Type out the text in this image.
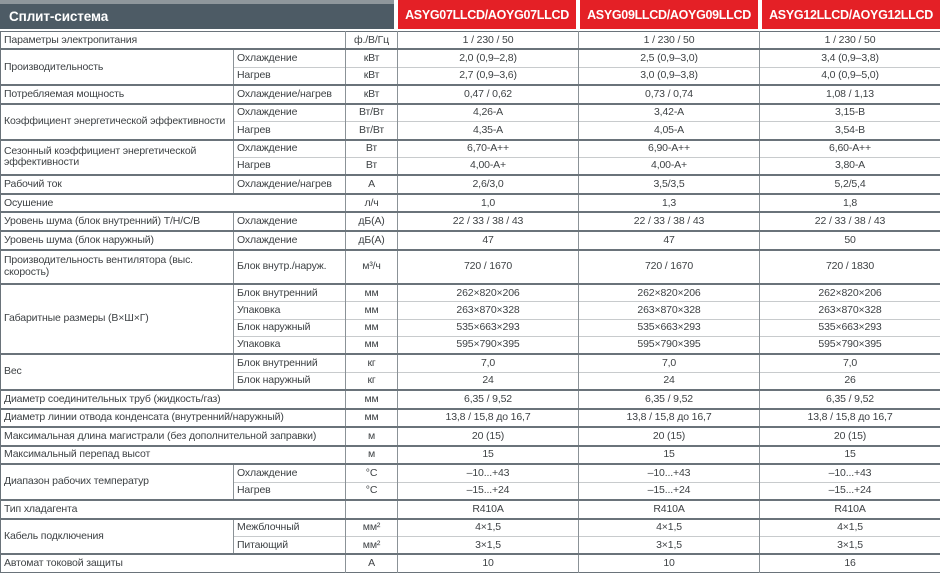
Сплит-система	ASYG07LLCD/AOYG07LLCD	ASYG09LLCD/AOYG09LLCD	ASYG12LLCD/AOYG12LLCD
Параметры электропитания		ф./В/Гц	1 / 230 / 50	1 / 230 / 50	1 / 230 / 50
Производительность	Охлаждение	кВт	2,0 (0,9–2,8)	2,5 (0,9–3,0)	3,4 (0,9–3,8)
	Нагрев	кВт	2,7 (0,9–3,6)	3,0 (0,9–3,8)	4,0 (0,9–5,0)
Потребляемая мощность	Охлаждение/нагрев	кВт	0,47 / 0,62	0,73 / 0,74	1,08 / 1,13
Коэффициент энергетической эффективности	Охлаждение	Вт/Вт	4,26-A	3,42-A	3,15-B
	Нагрев	Вт/Вт	4,35-A	4,05-A	3,54-B
Сезонный коэффициент энергетической эффективности	Охлаждение	Вт	6,70-A++	6,90-A++	6,60-A++
	Нагрев	Вт	4,00-A+	4,00-A+	3,80-A
Рабочий ток	Охлаждение/нагрев	А	2,6/3,0	3,5/3,5	5,2/5,4
Осушение		л/ч	1,0	1,3	1,8
Уровень шума (блок внутренний) Т/Н/С/В	Охлаждение	дБ(А)	22 / 33 / 38 / 43	22 / 33 / 38 / 43	22 / 33 / 38 / 43
Уровень шума (блок наружный)	Охлаждение	дБ(А)	47	47	50
Производительность вентилятора (выс. скорость)	Блок внутр./наруж.	м³/ч	720 / 1670	720 / 1670	720 / 1830
Габаритные размеры (В×Ш×Г)	Блок внутренний	мм	262×820×206	262×820×206	262×820×206
	Упаковка	мм	263×870×328	263×870×328	263×870×328
	Блок наружный	мм	535×663×293	535×663×293	535×663×293
	Упаковка	мм	595×790×395	595×790×395	595×790×395
Вес	Блок внутренний	кг	7,0	7,0	7,0
	Блок наружный	кг	24	24	26
Диаметр соединительных труб (жидкость/газ)		мм	6,35 / 9,52	6,35 / 9,52	6,35 / 9,52
Диаметр линии отвода конденсата (внутренний/наружный)		мм	13,8 / 15,8 до 16,7	13,8 / 15,8 до 16,7	13,8 / 15,8 до 16,7
Максимальная длина магистрали (без дополнительной заправки)		м	20 (15)	20 (15)	20 (15)
Максимальный перепад высот		м	15	15	15
Диапазон рабочих температур	Охлаждение	°С	–10...+43	–10...+43	–10...+43
	Нагрев	°С	–15...+24	–15...+24	–15...+24
Тип хладагента			R410A	R410A	R410A
Кабель подключения	Межблочный	мм²	4×1,5	4×1,5	4×1,5
	Питающий	мм²	3×1,5	3×1,5	3×1,5
Автомат токовой защиты		А	10	10	16
